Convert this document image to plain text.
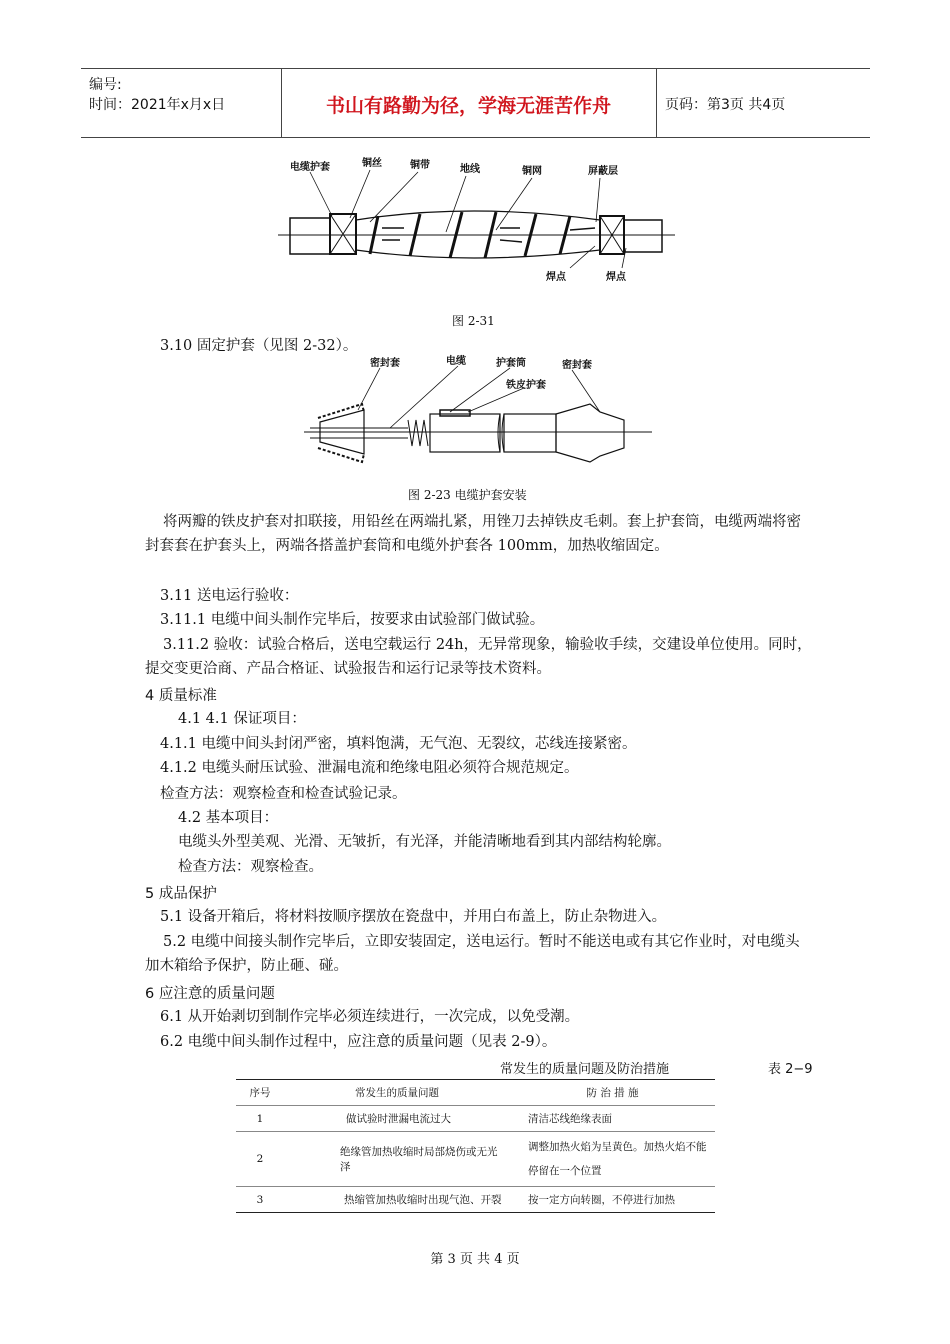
编号:
时间：2021年x月x日	书山有路勤为径，学海无涯苦作舟	页码：第3页 共4页
电缆护套	铜丝	铜带	地线	铜网	屏蔽层
焊点	焊点
图 2-31
3.10 固定护套（见图 2-32）。
密封套	电缆	护套筒
铁皮护套
密封套
图 2-23 电缆护套安装
将两瓣的铁皮护套对扣联接，用铅丝在两端扎紧，用锉刀去掉铁皮毛刺。套上护套筒，电缆两端将密封套套在护套头上，两端各搭盖护套筒和电缆外护套各 100mm，加热收缩固定。
3.11 送电运行验收：
3.11.1 电缆中间头制作完毕后，按要求由试验部门做试验。
3.11.2 验收：试验合格后，送电空载运行 24h，无异常现象，输验收手续，交建设单位使用。同时，提交变更洽商、产品合格证、试验报告和运行记录等技术资料。
4 质量标准
4.1 4.1 保证项目：
4.1.1 电缆中间头封闭严密，填料饱满，无气泡、无裂纹，芯线连接紧密。
4.1.2 电缆头耐压试验、泄漏电流和绝缘电阻必须符合规范规定。
检查方法：观察检查和检查试验记录。
4.2 基本项目：
电缆头外型美观、光滑、无皱折，有光泽，并能清晰地看到其内部结构轮廓。
检查方法：观察检查。
5 成品保护
5.1 设备开箱后，将材料按顺序摆放在瓷盘中，并用白布盖上，防止杂物进入。
5.2 电缆中间接头制作完毕后，立即安装固定，送电运行。暂时不能送电或有其它作业时，对电缆头加木箱给予保护，防止砸、碰。
6 应注意的质量问题
6.1 从开始剥切到制作完毕必须连续进行，一次完成，以免受潮。
6.2 电缆中间头制作过程中，应注意的质量问题（见表 2-9）。
常发生的质量问题及防治措施	表 2−9
序号	常发生的质量问题	防 治 措 施
1	做试验时泄漏电流过大	清洁芯线绝缘表面
2	绝缘管加热收缩时局部烧伤或无光泽	调整加热火焰为呈黄色。加热火焰不能停留在一个位置
3	热缩管加热收缩时出现气泡、开裂	按一定方向转圈，不停进行加热
第 3 页 共 4 页
